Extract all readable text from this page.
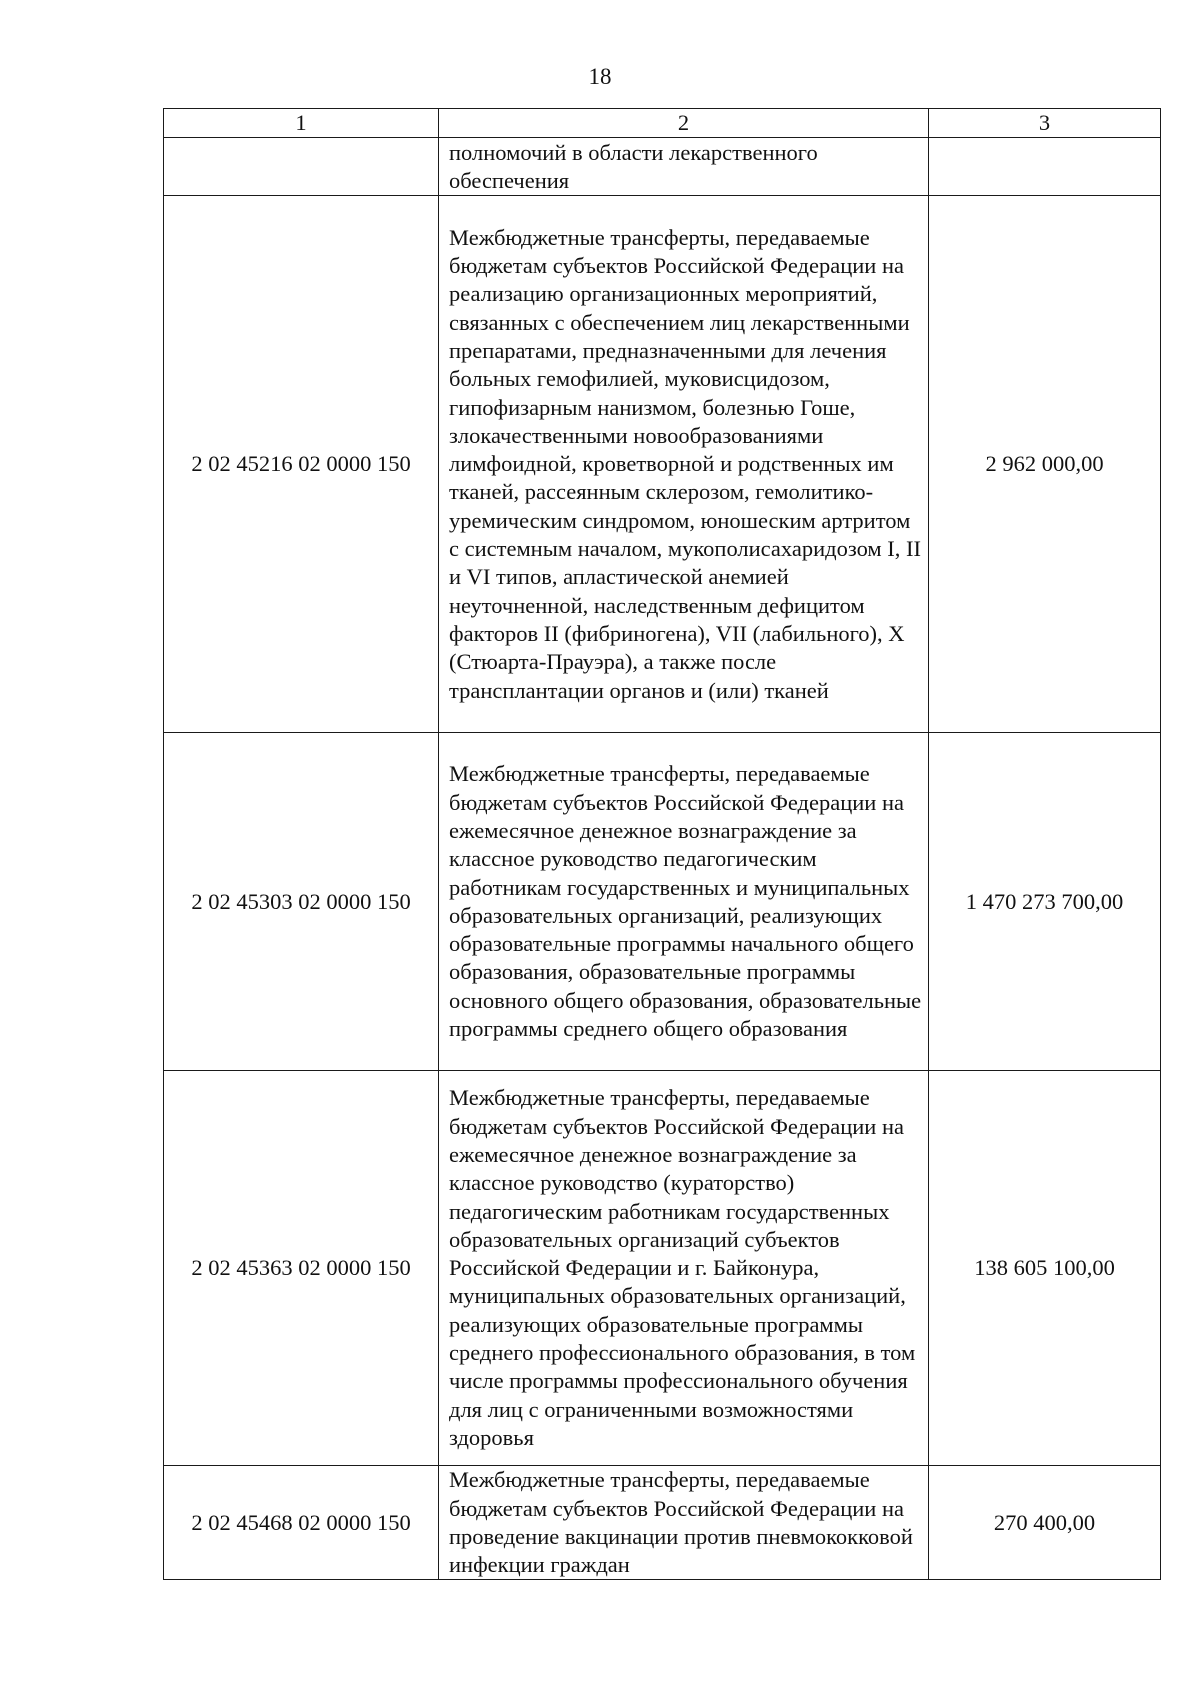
18
1	2	3
	полномочий в области лекарственного обеспечения	
2 02 45216 02 0000 150	Межбюджетные трансферты, передаваемые бюджетам субъектов Российской Федерации на реализацию организационных мероприятий, связанных с обеспечением лиц лекарственными препаратами, предназначенными для лечения больных гемофилией, муковисцидозом, гипофизарным нанизмом, болезнью Гоше, злокачественными новообразованиями лимфоидной, кроветворной и родственных им тканей, рассеянным склерозом, гемолитико-уремическим синдромом, юношеским артритом с системным началом, мукополисахаридозом I, II и VI типов, апластической анемией неуточненной, наследственным дефицитом факторов II (фибриногена), VII (лабильного), X (Стюарта-Прауэра), а также после трансплантации органов и (или) тканей	2 962 000,00
2 02 45303 02 0000 150	Межбюджетные трансферты, передаваемые бюджетам субъектов Российской Федерации на ежемесячное денежное вознаграждение за классное руководство педагогическим работникам государственных и муниципальных образовательных организаций, реализующих образовательные программы начального общего образования, образовательные программы основного общего образования, образовательные программы среднего общего образования	1 470 273 700,00
2 02 45363 02 0000 150	Межбюджетные трансферты, передаваемые бюджетам субъектов Российской Федерации на ежемесячное денежное вознаграждение за классное руководство (кураторство) педагогическим работникам государственных образовательных организаций субъектов Российской Федерации и г. Байконура, муниципальных образовательных организаций, реализующих образовательные программы среднего профессионального образования, в том числе программы профессионального обучения для лиц с ограниченными возможностями здоровья	138 605 100,00
2 02 45468 02 0000 150	Межбюджетные трансферты, передаваемые бюджетам субъектов Российской Федерации на проведение вакцинации против пневмококковой инфекции граждан	270 400,00
